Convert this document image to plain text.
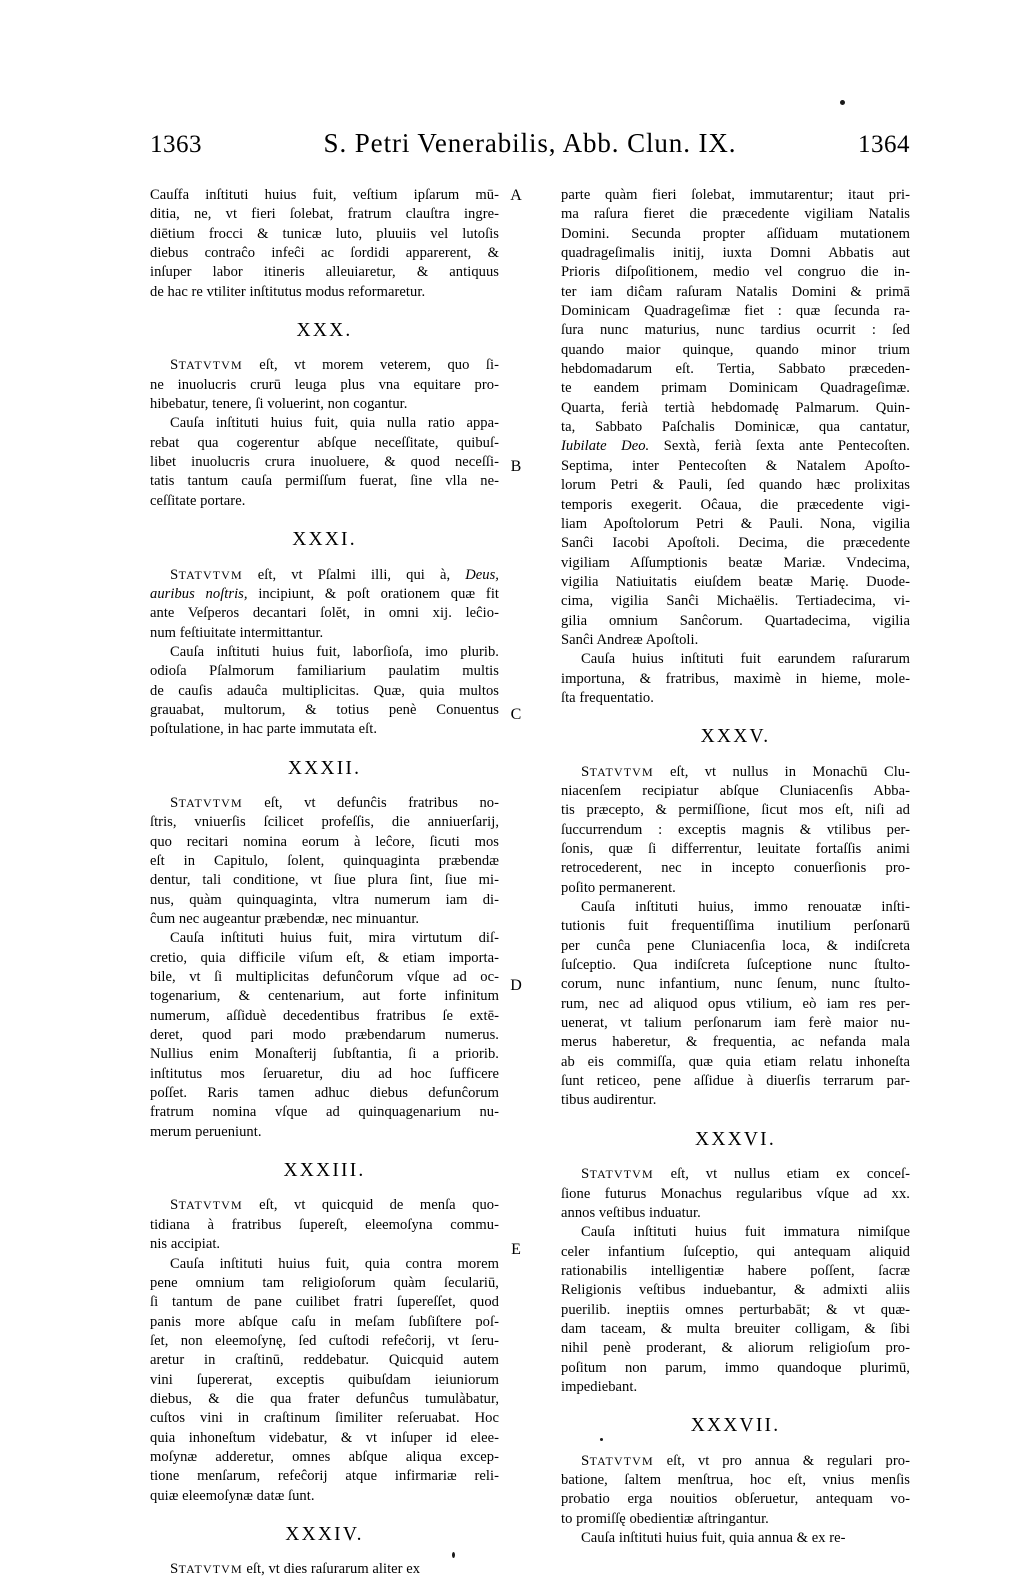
1363	S. Petri Venerabilis, Abb. Clun. IX.	1364

Cauſfa inſtituti huius fuit, veſtium ipſarum mū-

ditia, ne, vt fieri ſolebat, fratrum clauſtra ingre-

diētium frocci & tunicæ luto, pluuiis vel lutoſis

diebus contraĉo infeĉi ac ſordidi apparerent, &

inſuper labor itineris alleuiaretur, & antiquus

de hac re vtiliter inſtitutus modus reformaretur.

XXX.

STATVTVM eſt, vt morem veterem, quo ſi-

ne inuolucris crurū leuga plus vna equitare pro-

hibebatur, tenere, ſi voluerint, non cogantur.

Cauſa inſtituti huius fuit, quia nulla ratio appa-

rebat qua cogerentur abſque neceſſitate, quibuſ-

libet inuolucris crura inuoluere, & quod neceſſi-

tatis tantum cauſa permiſſum fuerat, ſine vlla ne-

ceſſitate portare.

XXXI.

STATVTVM eſt, vt Pſalmi illi, qui à, Deus,

auribus noſtris, incipiunt, & poſt orationem quæ fit

ante Veſperos decantari ſolĕt, in omni xij. leĉio-

num feſtiuitate intermittantur.

Cauſa inſtituti huius fuit, laborſioſa, imo plurib.

odioſa Pſalmorum familiarium paulatim multis

de cauſis adauĉa multiplicitas. Quæ, quia multos

grauabat, multorum, & totius penè Conuentus

poſtulatione, in hac parte immutata eſt.

XXXII.

STATVTVM eſt, vt defunĉis fratribus no-

ſtris, vniuerſis ſcilicet profeſſis, die anniuerſarij,

quo recitari nomina eorum à leĉore, ſicuti mos

eſt in Capitulo, ſolent, quinquaginta præbendæ

dentur, tali conditione, vt ſiue plura ſint, ſiue mi-

nus, quàm quinquaginta, vltra numerum iam di-

ĉum nec augeantur præbendæ, nec minuantur.

Cauſa inſtituti huius fuit, mira virtutum diſ-

cretio, quia difficile viſum eſt, & etiam importa-

bile, vt ſi multiplicitas defunĉorum vſque ad oc-

togenarium, & centenarium, aut forte infinitum

numerum, aſſiduè decedentibus fratribus ſe extē-

deret, quod pari modo præbendarum numerus.

Nullius enim Monaſterij ſubſtantia, ſi a priorib.

inſtitutus mos ſeruaretur, diu ad hoc ſufficere

poſſet. Raris tamen adhuc diebus defunĉorum

fratrum nomina vſque ad quinquagenarium nu-

merum perueniunt.

XXXIII.

STATVTVM eſt, vt quicquid de menſa quo-

tidiana à fratribus ſupereſt, eleemoſyna commu-

nis accipiat.

Cauſa inſtituti huius fuit, quia contra morem

pene omnium tam religioſorum quàm ſeculariū,

ſi tantum de pane cuilibet fratri ſupereſſet, quod

panis more abſque caſu in meſam ſubſiſtere poſ-

ſet, non eleemoſynę, ſed cuſtodi refeĉorij, vt ſeru-

aretur in craſtinū, reddebatur. Quicquid autem

vini ſupererat, exceptis quibuſdam ieiuniorum

diebus, & die qua frater defunĉus tumulàbatur,

cuſtos vini in craſtinum ſimiliter reſeruabat. Hoc

quia inhoneſtum videbatur, & vt inſuper id elee-

moſynæ adderetur, omnes abſque aliqua excep-

tione menſarum, refeĉorij atque infirmariæ reli-

quiæ eleemoſynæ datæ ſunt.

XXXIV.

STATVTVM eſt, vt dies raſurarum aliter ex

parte quàm fieri ſolebat, immutarentur; itaut pri-

ma raſura fieret die præcedente vigiliam Natalis

Domini. Secunda propter aſſiduam mutationem

quadrageſimalis initij, iuxta Domni Abbatis aut

Prioris diſpoſitionem, medio vel congruo die in-

ter iam diĉam raſuram Natalis Domini & primā

Dominicam Quadrageſimæ fiet : quæ ſecunda ra-

ſura nunc maturius, nunc tardius ocurrit : ſed

quando maior quinque, quando minor trium

hebdomadarum eſt. Tertia, Sabbato præceden-

te eandem primam Dominicam Quadrageſimæ.

Quarta, ferià tertià hebdomadę Palmarum. Quin-

ta, Sabbato Paſchalis Dominicæ, qua cantatur,

Iubilate Deo. Sextà, ferià ſexta ante Pentecoſten.

Septima, inter Pentecoſten & Natalem Apoſto-

lorum Petri & Pauli, ſed quando hæc prolixitas

temporis exegerit. Oĉaua, die præcedente vigi-

liam Apoſtolorum Petri & Pauli. Nona, vigilia

Sanĉi Iacobi Apoſtoli. Decima, die præcedente

vigiliam Aſſumptionis beatæ Mariæ. Vndecima,

vigilia Natiuitatis eiuſdem beatæ Marię. Duode-

cima, vigilia Sanĉi Michaëlis. Tertiadecima, vi-

gilia omnium Sanĉorum. Quartadecima, vigilia

Sanĉi Andreæ Apoſtoli.

Cauſa huius inſtituti fuit earundem raſurarum

importuna, & fratribus, maximè in hieme, mole-

ſta frequentatio.

XXXV.

STATVTVM eſt, vt nullus in Monachū Clu-

niacenſem recipiatur abſque Cluniacenſis Abba-

tis præcepto, & permiſſione, ſicut mos eſt, niſi ad

ſuccurrendum : exceptis magnis & vtilibus per-

ſonis, quæ ſi differrentur, leuitate fortaſſis animi

retrocederent, nec in incepto conuerſionis pro-

poſito permanerent.

Cauſa inſtituti huius, immo renouatæ inſti-

tutionis fuit frequentiſſima inutilium perſonarū

per cunĉa pene Cluniacenſia loca, & indiſcreta

ſuſceptio. Qua indiſcreta ſuſceptione nunc ſtulto-

corum, nunc infantium, nunc ſenum, nunc ſtulto-

rum, nec ad aliquod opus vtilium, eò iam res per-

uenerat, vt talium perſonarum iam ferè maior nu-

merus haberetur, & frequentia, ac nefanda mala

ab eis commiſſa, quæ quia etiam relatu inhoneſta

ſunt reticeo, pene aſſidue à diuerſis terrarum par-

tibus audirentur.

XXXVI.

STATVTVM eſt, vt nullus etiam ex conceſ-

ſione futurus Monachus regularibus vſque ad xx.

annos veſtibus induatur.

Cauſa inſtituti huius fuit immatura nimiſque

celer infantium ſuſceptio, qui antequam aliquid

rationabilis intelligentiæ habere poſſent, ſacræ

Religionis veſtibus induebantur, & admixti aliis

puerilib. ineptiis omnes perturbabāt; & vt quæ-

dam taceam, & multa breuiter colligam, & ſibi

nihil penè proderant, & aliorum religioſum pro-

poſitum non parum, immo quandoque plurimū,

impediebant.

XXXVII.

STATVTVM eſt, vt pro annua & regulari pro-

batione, ſaltem menſtrua, hoc eſt, vnius menſis

probatio erga nouitios obſeruetur, antequam vo-

to promiſſę obedientiæ aſtringantur.

Cauſa inſtituti huius fuit, quia annua & ex re-

A
B
C
D
E
